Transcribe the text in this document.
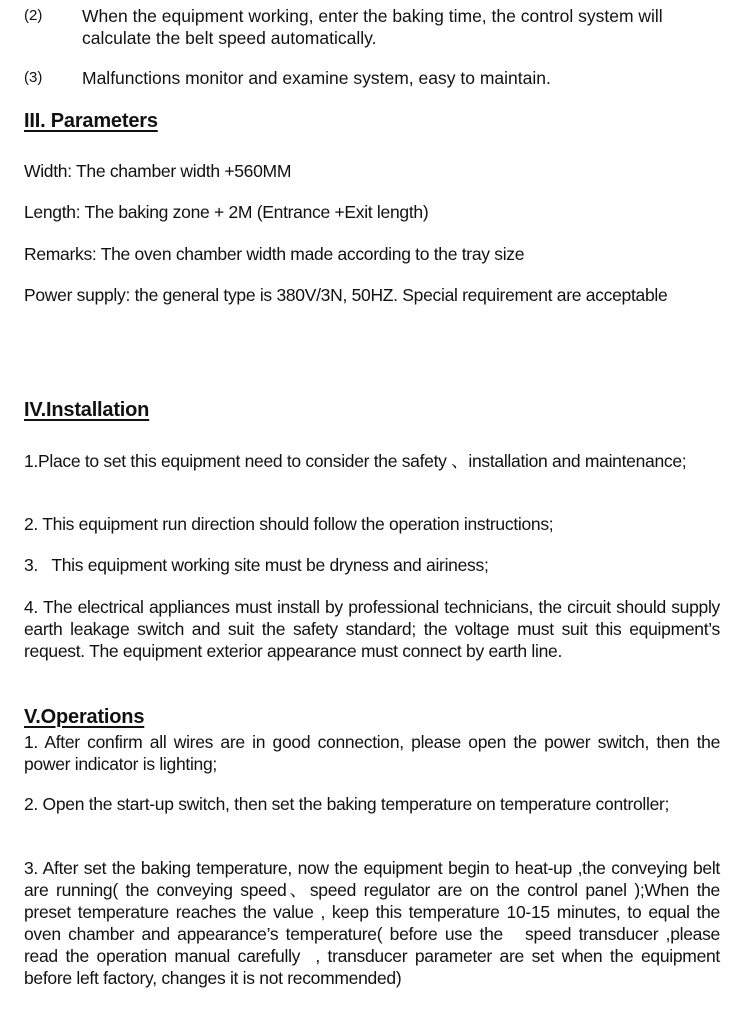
(2) When the equipment working, enter the baking time, the control system will calculate the belt speed automatically.
(3) Malfunctions monitor and examine system, easy to maintain.
III. Parameters
Width: The chamber width +560MM
Length: The baking zone + 2M (Entrance +Exit length)
Remarks: The oven chamber width made according to the tray size
Power supply: the general type is 380V/3N, 50HZ. Special requirement are acceptable
IV.Installation
1.Place to set this equipment need to consider the safety 、installation and maintenance;
2. This equipment run direction should follow the operation instructions;
3.   This equipment working site must be dryness and airiness;
4. The electrical appliances must install by professional technicians, the circuit should supply earth leakage switch and suit the safety standard; the voltage must suit this equipment’s request. The equipment exterior appearance must connect by earth line.
V.Operations
1. After confirm all wires are in good connection, please open the power switch, then the power indicator is lighting;
2. Open the start-up switch, then set the baking temperature on temperature controller;
3. After set the baking temperature, now the equipment begin to heat-up ,the conveying belt are running( the conveying speed、speed regulator are on the control panel );When the preset temperature reaches the value , keep this temperature 10-15 minutes, to equal the oven chamber and appearance’s temperature( before use the   speed transducer ,please read the operation manual carefully  , transducer parameter are set when the equipment before left factory, changes it is not recommended)
